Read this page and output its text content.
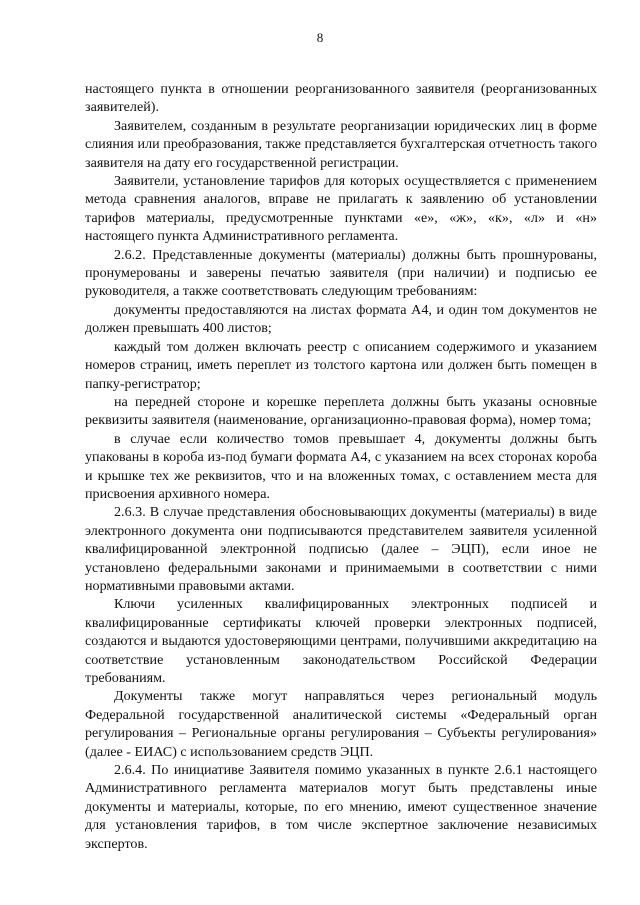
8

настоящего пункта в отношении реорганизованного заявителя (реорганизованных заявителей).

Заявителем, созданным в результате реорганизации юридических лиц в форме слияния или преобразования, также представляется бухгалтерская отчетность такого заявителя на дату его государственной регистрации.

Заявители, установление тарифов для которых осуществляется с применением метода сравнения аналогов, вправе не прилагать к заявлению об установлении тарифов материалы, предусмотренные пунктами «е», «ж», «к», «л» и «н» настоящего пункта Административного регламента.

2.6.2. Представленные документы (материалы) должны быть прошнурованы, пронумерованы и заверены печатью заявителя (при наличии) и подписью ее руководителя, а также соответствовать следующим требованиям:

документы предоставляются на листах формата А4, и один том документов не должен превышать 400 листов;

каждый том должен включать реестр с описанием содержимого и указанием номеров страниц, иметь переплет из толстого картона или должен быть помещен в папку-регистратор;

на передней стороне и корешке переплета должны быть указаны основные реквизиты заявителя (наименование, организационно-правовая форма), номер тома;

в случае если количество томов превышает 4, документы должны быть упакованы в короба из-под бумаги формата А4, с указанием на всех сторонах короба и крышке тех же реквизитов, что и на вложенных томах, с оставлением места для присвоения архивного номера.

2.6.3. В случае представления обосновывающих документы (материалы) в виде электронного документа они подписываются представителем заявителя усиленной квалифицированной электронной подписью (далее – ЭЦП), если иное не установлено федеральными законами и принимаемыми в соответствии с ними нормативными правовыми актами.

Ключи усиленных квалифицированных электронных подписей и квалифицированные сертификаты ключей проверки электронных подписей, создаются и выдаются удостоверяющими центрами, получившими аккредитацию на соответствие установленным законодательством Российской Федерации требованиям.

Документы также могут направляться через региональный модуль Федеральной государственной аналитической системы «Федеральный орган регулирования – Региональные органы регулирования – Субъекты регулирования» (далее - ЕИАС) с использованием средств ЭЦП.

2.6.4. По инициативе Заявителя помимо указанных в пункте 2.6.1 настоящего Административного регламента материалов могут быть представлены иные документы и материалы, которые, по его мнению, имеют существенное значение для установления тарифов, в том числе экспертное заключение независимых экспертов.
